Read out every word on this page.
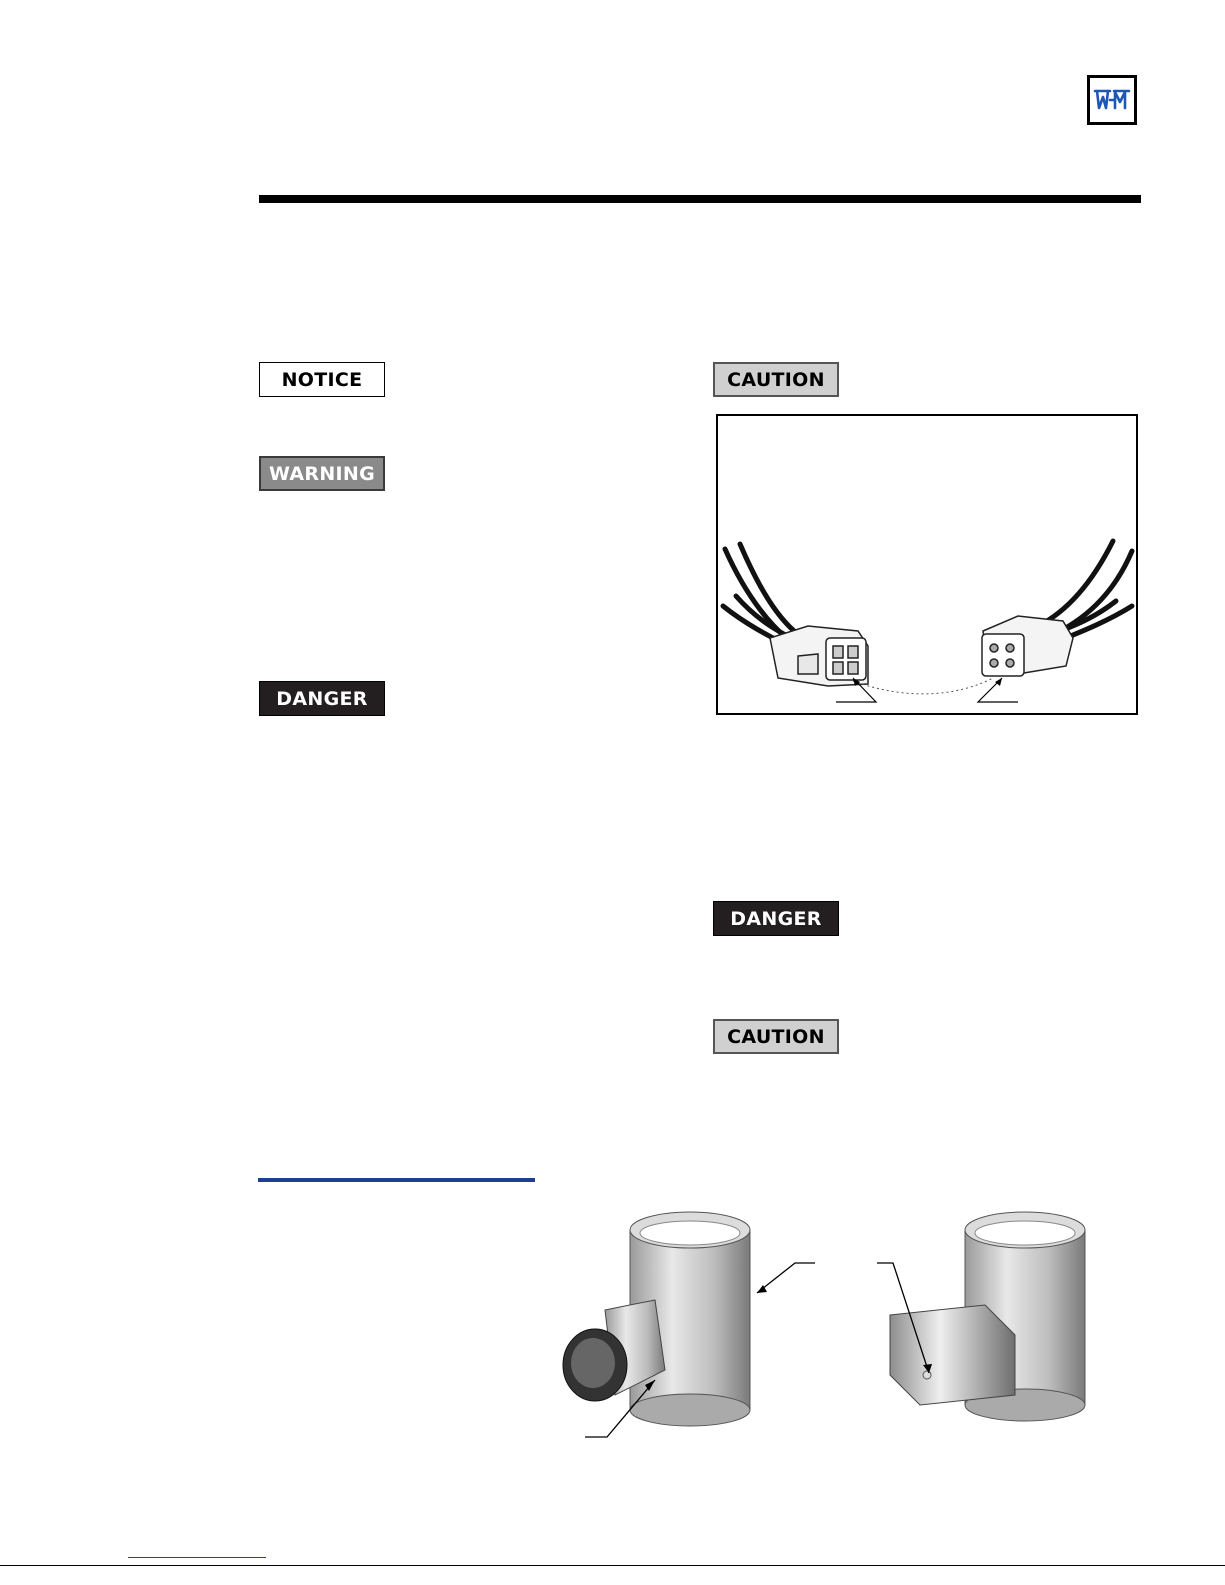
NOTICE
WARNING
DANGER
CAUTION
DANGER
CAUTION
